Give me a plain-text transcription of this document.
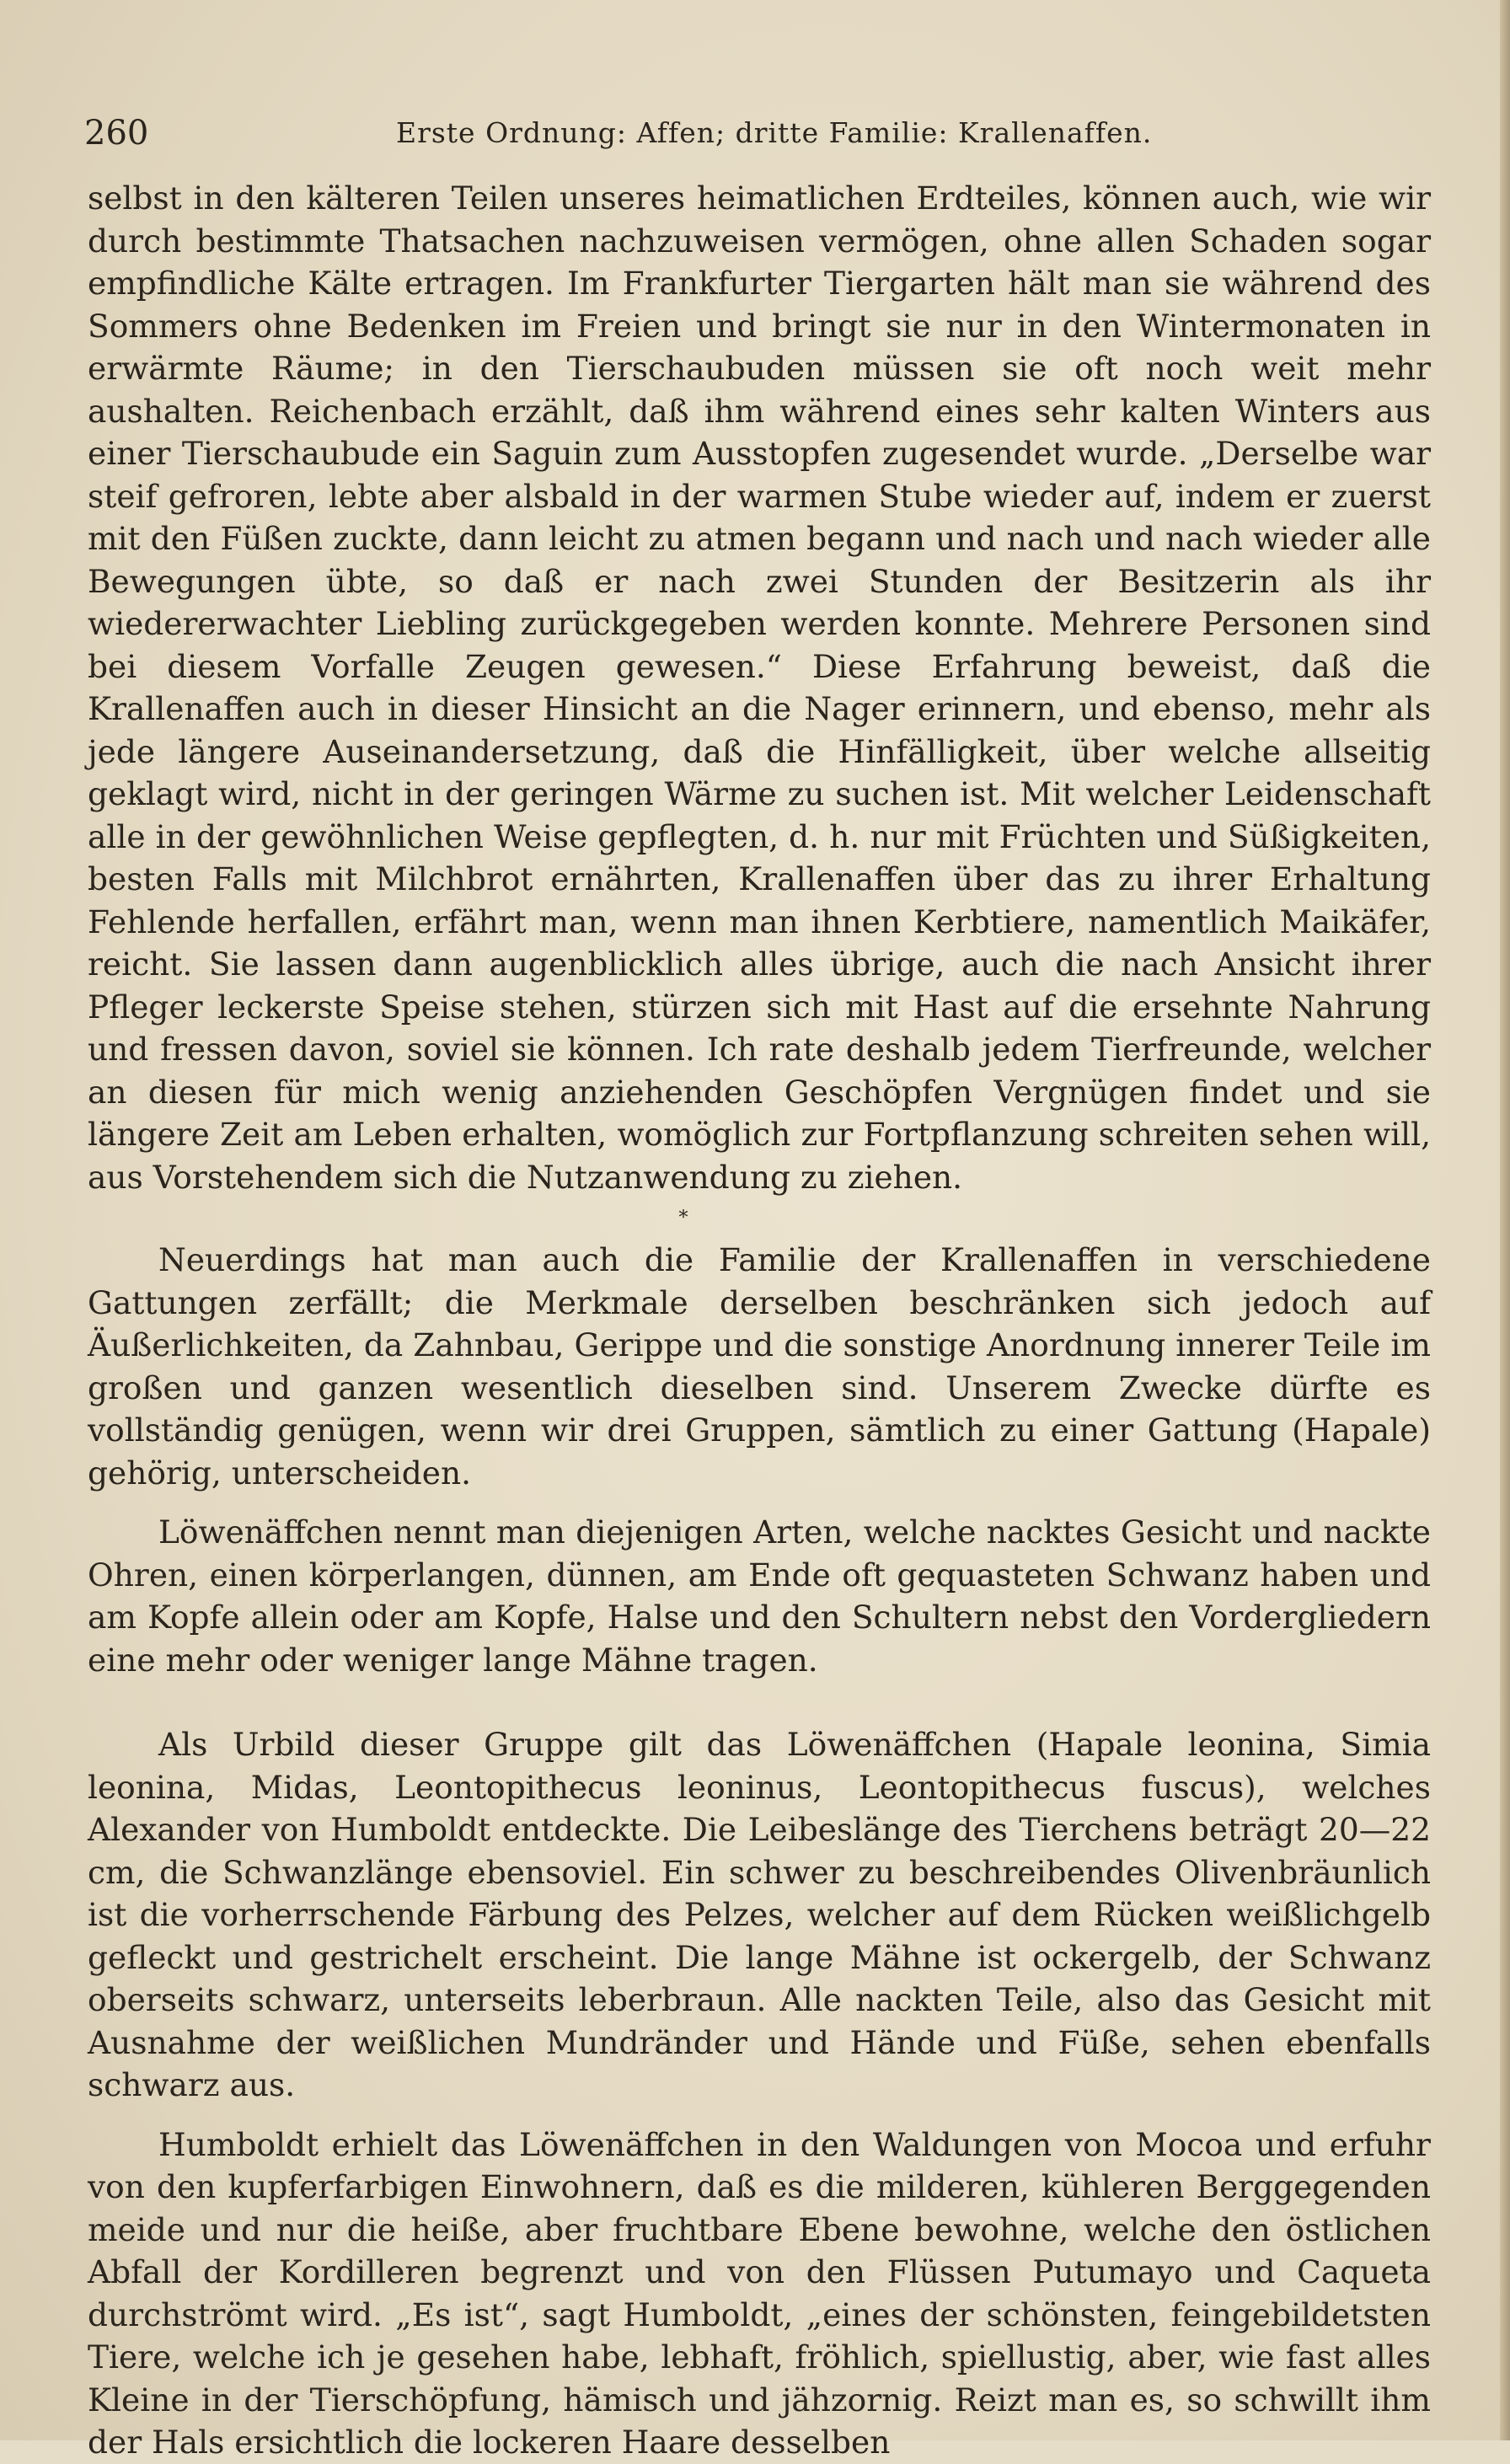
260	Erste Ordnung: Affen; dritte Familie: Krallenaffen.

selbst in den kälteren Teilen unseres heimatlichen Erdteiles, können auch, wie wir durch bestimmte Thatsachen nachzuweisen vermögen, ohne allen Schaden sogar empfindliche Kälte ertragen. Im Frankfurter Tiergarten hält man sie während des Sommers ohne Bedenken im Freien und bringt sie nur in den Wintermonaten in erwärmte Räume; in den Tierschaubuden müssen sie oft noch weit mehr aushalten. Reichenbach erzählt, daß ihm während eines sehr kalten Winters aus einer Tierschaubude ein Saguin zum Ausstopfen zugesendet wurde. „Derselbe war steif gefroren, lebte aber alsbald in der warmen Stube wieder auf, indem er zuerst mit den Füßen zuckte, dann leicht zu atmen begann und nach und nach wieder alle Bewegungen übte, so daß er nach zwei Stunden der Besitzerin als ihr wiedererwachter Liebling zurückgegeben werden konnte. Mehrere Personen sind bei diesem Vorfalle Zeugen gewesen.“ Diese Erfahrung beweist, daß die Krallenaffen auch in dieser Hinsicht an die Nager erinnern, und ebenso, mehr als jede längere Auseinandersetzung, daß die Hinfälligkeit, über welche allseitig geklagt wird, nicht in der geringen Wärme zu suchen ist. Mit welcher Leidenschaft alle in der gewöhnlichen Weise gepflegten, d. h. nur mit Früchten und Süßigkeiten, besten Falls mit Milchbrot ernährten, Krallenaffen über das zu ihrer Erhaltung Fehlende herfallen, erfährt man, wenn man ihnen Kerbtiere, namentlich Maikäfer, reicht. Sie lassen dann augenblicklich alles übrige, auch die nach Ansicht ihrer Pfleger leckerste Speise stehen, stürzen sich mit Hast auf die ersehnte Nahrung und fressen davon, soviel sie können. Ich rate deshalb jedem Tierfreunde, welcher an diesen für mich wenig anziehenden Geschöpfen Vergnügen findet und sie längere Zeit am Leben erhalten, womöglich zur Fortpflanzung schreiten sehen will, aus Vorstehendem sich die Nutzanwendung zu ziehen.

*

Neuerdings hat man auch die Familie der Krallenaffen in verschiedene Gattungen zerfällt; die Merkmale derselben beschränken sich jedoch auf Äußerlichkeiten, da Zahnbau, Gerippe und die sonstige Anordnung innerer Teile im großen und ganzen wesentlich dieselben sind. Unserem Zwecke dürfte es vollständig genügen, wenn wir drei Gruppen, sämtlich zu einer Gattung (Hapale) gehörig, unterscheiden.

Löwenäffchen nennt man diejenigen Arten, welche nacktes Gesicht und nackte Ohren, einen körperlangen, dünnen, am Ende oft gequasteten Schwanz haben und am Kopfe allein oder am Kopfe, Halse und den Schultern nebst den Vordergliedern eine mehr oder weniger lange Mähne tragen.

Als Urbild dieser Gruppe gilt das Löwenäffchen (Hapale leonina, Simia leonina, Midas, Leontopithecus leoninus, Leontopithecus fuscus), welches Alexander von Humboldt entdeckte. Die Leibeslänge des Tierchens beträgt 20—22 cm, die Schwanzlänge ebensoviel. Ein schwer zu beschreibendes Olivenbräunlich ist die vorherrschende Färbung des Pelzes, welcher auf dem Rücken weißlichgelb gefleckt und gestrichelt erscheint. Die lange Mähne ist ockergelb, der Schwanz oberseits schwarz, unterseits leberbraun. Alle nackten Teile, also das Gesicht mit Ausnahme der weißlichen Mundränder und Hände und Füße, sehen ebenfalls schwarz aus.

Humboldt erhielt das Löwenäffchen in den Waldungen von Mocoa und erfuhr von den kupferfarbigen Einwohnern, daß es die milderen, kühleren Berggegenden meide und nur die heiße, aber fruchtbare Ebene bewohne, welche den östlichen Abfall der Kordilleren begrenzt und von den Flüssen Putumayo und Caqueta durchströmt wird. „Es ist“, sagt Humboldt, „eines der schönsten, feingebildetsten Tiere, welche ich je gesehen habe, lebhaft, fröhlich, spiellustig, aber, wie fast alles Kleine in der Tierschöpfung, hämisch und jähzornig. Reizt man es, so schwillt ihm der Hals ersichtlich die lockeren Haare desselben
